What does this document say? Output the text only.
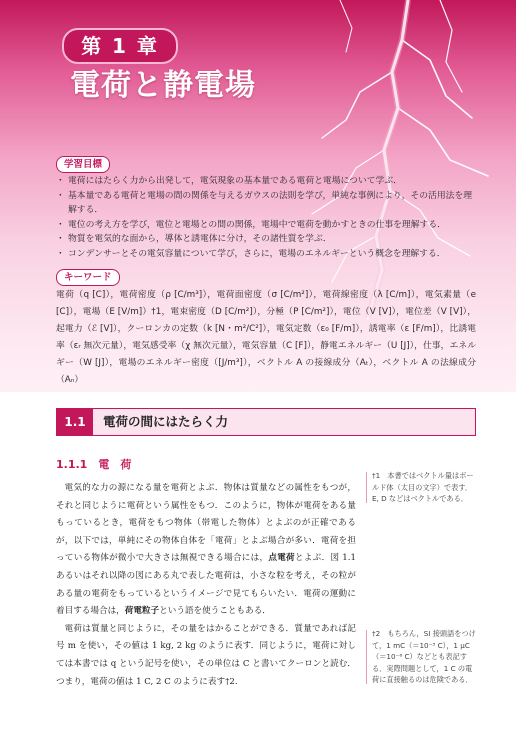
第 1 章
電荷と静電場
学習目標
・ 電荷にはたらく力から出発して，電気現象の基本量である電荷と電場について学ぶ．
・ 基本量である電荷と電場の間の関係を与えるガウスの法則を学び，単純な事例により，その活用法を理解する．
・ 電位の考え方を学び，電位と電場との間の関係，電場中で電荷を動かすときの仕事を理解する．
・ 物質を電気的な面から，導体と誘電体に分け，その諸性質を学ぶ．
・ コンデンサーとその電気容量について学び，さらに，電場のエネルギーという概念を理解する．
キーワード

電荷（q [C]），電荷密度（ρ [C/m³]），電荷面密度（σ [C/m²]），電荷線密度（λ [C/m]），電気素量（e [C]），電場（E [V/m]）†1，電束密度（D [C/m²]），分極（P [C/m²]），電位（V [V]），電位差（V [V]），起電力（ℰ [V]），クーロンカの定数（k [N・m²/C²]），電気定数（ε₀ [F/m]），誘電率（ε [F/m]），比誘電率（εᵣ 無次元量），電気感受率（χ 無次元量），電気容量（C [F]），静電エネルギー（U [J]），仕事，エネルギー（W [J]），電場のエネルギー密度（[J/m³]），ベクトル A の接線成分（Aₜ），ベクトル A の法線成分（Aₙ）

1.1	電荷の間にはたらく力
1.1.1　電　荷

電気的な力の源になる量を電荷とよぶ．物体は質量などの属性をもつが，それと同じように電荷という属性をもつ．このように，物体が電荷をある量もっているとき，電荷をもつ物体（帯電した物体）とよぶのが正確であるが，以下では，単純にその物体自体を「電荷」とよぶ場合が多い．電荷を担っている物体が微小で大きさは無視できる場合には，点電荷とよぶ．図 1.1 あるいはそれ以降の図にある丸で表した電荷は，小さな粒を考え，その粒がある量の電荷をもっているというイメージで見てもらいたい．電荷の運動に着目する場合は，荷電粒子という語を使うこともある．

電荷は質量と同じように，その量をはかることができる．質量であれば記号 m を使い，その値は 1 kg, 2 kg のように表す．同じように，電荷に対しては本書では q という記号を使い，その単位は C と書いてクーロンと読む．つまり，電荷の値は 1 C, 2 C のように表す†2.

†1　本書ではベクトル量はボールド体（太目の文字）で表す．E, D などはベクトルである．
†2　もちろん，SI 接頭語をつけて，1 mC（＝10⁻³ C），1 μC（＝10⁻⁶ C）などとも表記する．実際問題として，1 C の電荷に直接触るのは危険である．
